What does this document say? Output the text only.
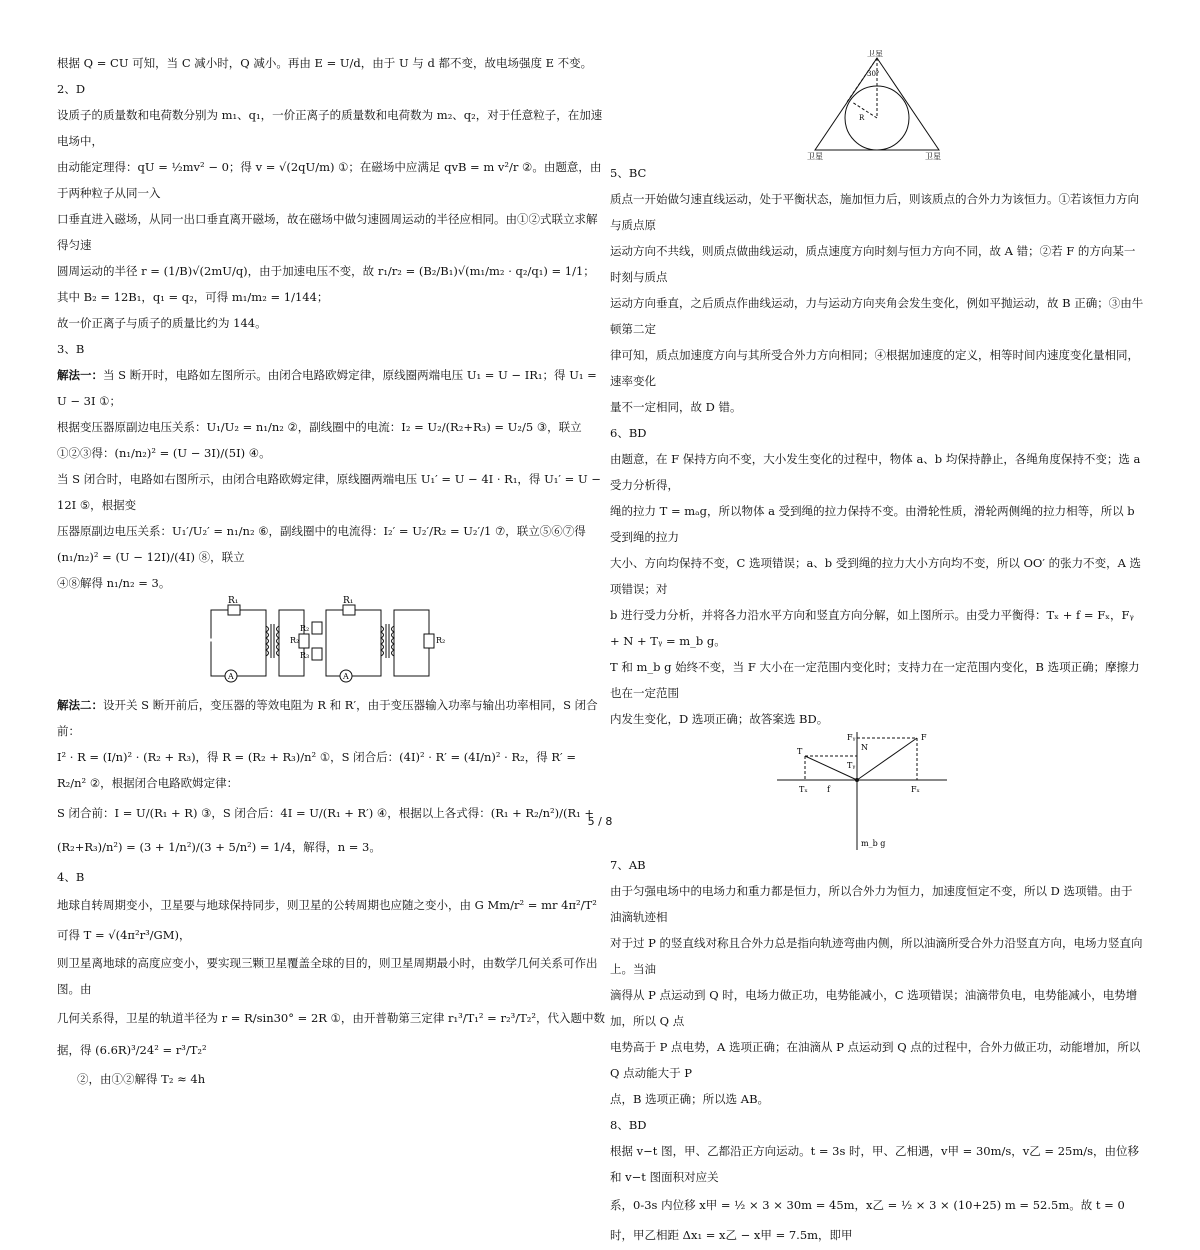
根据 Q = CU 可知，当 C 减小时，Q 减小。再由 E = U/d，由于 U 与 d 都不变，故电场强度 E 不变。

2、D

设质子的质量数和电荷数分别为 m₁、q₁，一价正离子的质量数和电荷数为 m₂、q₂，对于任意粒子，在加速电场中，

由动能定理得：qU = ½mv² − 0；得 v = √(2qU/m) ①；在磁场中应满足 qvB = m v²/r ②。由题意，由于两种粒子从同一入

口垂直进入磁场，从同一出口垂直离开磁场，故在磁场中做匀速圆周运动的半径应相同。由①②式联立求解得匀速

圆周运动的半径 r = (1/B)√(2mU/q)，由于加速电压不变，故 r₁/r₂ = (B₂/B₁)√(m₁/m₂ · q₂/q₁) = 1/1；其中 B₂ = 12B₁，q₁ = q₂，可得 m₁/m₂ = 1/144；

故一价正离子与质子的质量比约为 144。

3、B

解法一：当 S 断开时，电路如左图所示。由闭合电路欧姆定律，原线圈两端电压 U₁ = U − IR₁；得 U₁ = U − 3I ①；

根据变压器原副边电压关系：U₁/U₂ = n₁/n₂ ②，副线圈中的电流：I₂ = U₂/(R₂+R₃) = U₂/5 ③，联立①②③得：(n₁/n₂)² = (U − 3I)/(5I) ④。

当 S 闭合时，电路如右图所示，由闭合电路欧姆定律，原线圈两端电压 U₁′ = U − 4I · R₁，得 U₁′ = U − 12I ⑤，根据变

压器原副边电压关系：U₁′/U₂′ = n₁/n₂ ⑥，副线圈中的电流得：I₂′ = U₂′/R₂ = U₂′/1 ⑦，联立⑤⑥⑦得 (n₁/n₂)² = (U − 12I)/(4I) ⑧，联立

④⑧解得 n₁/n₂ = 3。

R₁	R₁
R₂
R₂
R₃
R₂
A	A

解法二：设开关 S 断开前后，变压器的等效电阻为 R 和 R′，由于变压器输入功率与输出功率相同，S 闭合前：

I² · R = (I/n)² · (R₂ + R₃)，得 R = (R₂ + R₃)/n² ①，S 闭合后：(4I)² · R′ = (4I/n)² · R₂，得 R′ = R₂/n² ②，根据闭合电路欧姆定律：

S 闭合前：I = U/(R₁ + R) ③，S 闭合后：4I = U/(R₁ + R′) ④，根据以上各式得：(R₁ + R₂/n²)/(R₁ + (R₂+R₃)/n²) = (3 + 1/n²)/(3 + 5/n²) = 1/4，解得，n = 3。

4、B

地球自转周期变小，卫星要与地球保持同步，则卫星的公转周期也应随之变小，由 G Mm/r² = mr 4π²/T² 可得 T = √(4π²r³/GM)，

则卫星离地球的高度应变小，要实现三颗卫星覆盖全球的目的，则卫星周期最小时，由数学几何关系可作出图。由

几何关系得，卫星的轨道半径为 r = R/sin30° = 2R ①，由开普勒第三定律 r₁³/T₁² = r₂³/T₂²，代入题中数据，得 (6.6R)³/24² = r³/T₂²

②，由①②解得 T₂ ≈ 4h

卫星
卫星	卫星
30°
R

5、BC

质点一开始做匀速直线运动，处于平衡状态，施加恒力后，则该质点的合外力为该恒力。①若该恒力方向与质点原

运动方向不共线，则质点做曲线运动，质点速度方向时刻与恒力方向不同，故 A 错；②若 F 的方向某一时刻与质点

运动方向垂直，之后质点作曲线运动，力与运动方向夹角会发生变化，例如平抛运动，故 B 正确；③由牛顿第二定

律可知，质点加速度方向与其所受合外力方向相同；④根据加速度的定义，相等时间内速度变化量相同，速率变化

量不一定相同，故 D 错。

6、BD

由题意，在 F 保持方向不变，大小发生变化的过程中，物体 a、b 均保持静止，各绳角度保持不变；选 a 受力分析得，

绳的拉力 T = mₐg，所以物体 a 受到绳的拉力保持不变。由滑轮性质，滑轮两侧绳的拉力相等，所以 b 受到绳的拉力

大小、方向均保持不变，C 选项错误；a、b 受到绳的拉力大小方向均不变，所以 OO′ 的张力不变，A 选项错误；对

b 进行受力分析，并将各力沿水平方向和竖直方向分解，如上图所示。由受力平衡得：Tₓ + f = Fₓ，Fᵧ + N + Tᵧ = m_b g。

T 和 m_b g 始终不变，当 F 大小在一定范围内变化时；支持力在一定范围内变化，B 选项正确；摩擦力也在一定范围

内发生变化，D 选项正确；故答案选 BD。

Fᵧ
N
F
T
Tᵧ
Tₓ f	Fₓ
m_b g

7、AB

由于匀强电场中的电场力和重力都是恒力，所以合外力为恒力，加速度恒定不变，所以 D 选项错。由于油滴轨迹相

对于过 P 的竖直线对称且合外力总是指向轨迹弯曲内侧，所以油滴所受合外力沿竖直方向，电场力竖直向上。当油

滴得从 P 点运动到 Q 时，电场力做正功，电势能减小，C 选项错误；油滴带负电，电势能减小，电势增加，所以 Q 点

电势高于 P 点电势，A 选项正确；在油滴从 P 点运动到 Q 点的过程中，合外力做正功，动能增加，所以 Q 点动能大于 P

点，B 选项正确；所以选 AB。

8、BD

根据 v−t 图，甲、乙都沿正方向运动。t = 3s 时，甲、乙相遇，v甲 = 30m/s，v乙 = 25m/s，由位移和 v−t 图面积对应关

系，0-3s 内位移 x甲 = ½ × 3 × 30m = 45m，x乙 = ½ × 3 × (10+25) m = 52.5m。故 t = 0 时，甲乙相距 Δx₁ = x乙 − x甲 = 7.5m，即甲

5 / 8
